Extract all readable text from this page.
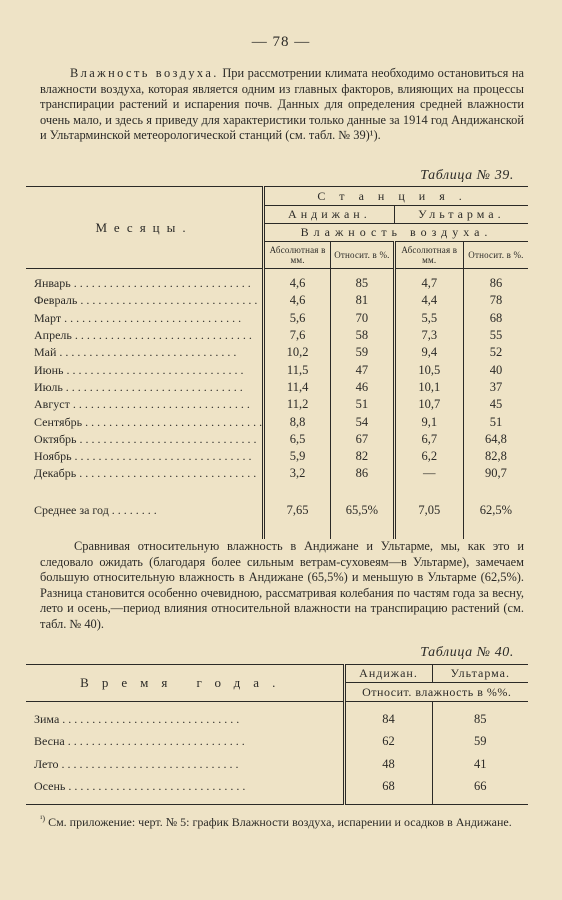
— 78 —
Влажность воздуха. При рассмотрении климата необходимо остановиться на влажности воздуха, которая является одним из главных факторов, влияющих на процессы транспирации растений и испарения почв. Данных для определения средней влажности очень мало, и здесь я приведу для характеристики только данные за 1914 год Андижанской и Ультарминской метеорологической станций (см. табл. № 39)¹).
Таблица № 39.
Месяцы.	Станция.			
	Андижан.		Ультарма.	
	Влажность воздуха.			
	Абсолютная в мм.	Относит. в %.	Абсолютная в мм.	Относит. в %.

Январь . . .	4,6	85	4,7	86
Февраль . . .	4,6	81	4,4	78
Март . . .	5,6	70	5,5	68
Апрель . . .	7,6	58	7,3	55
Май . . .	10,2	59	9,4	52
Июнь . . .	11,5	47	10,5	40
Июль . . .	11,4	46	10,1	37
Август . . .	11,2	51	10,7	45
Сентябрь . . .	8,8	54	9,1	51
Октябрь . . .	6,5	67	6,7	64,8
Ноябрь . . .	5,9	82	6,2	82,8
Декабрь . . .	3,2	86	—	90,7
Среднее за год . . . . . . . .	7,65	65,5%	7,05	62,5%
Сравнивая относительную влажность в Андижане и Ультарме, мы, как это и следовало ожидать (благодаря более сильным ветрам-суховеям—в Ультарме), замечаем большую относительную влажность в Андижане (65,5%) и меньшую в Ультарме (62,5%). Разница становится особенно очевидною, рассматривая колебания по частям года за весну, лето и осень,—период влияния относительной влажности на транспирацию растений (см. табл. № 40).
Таблица № 40.
Время года.	Андижан.	Ультарма.
	Относит. влажность в %%.	

Зима . . .	84	85
Весна . . .	62	59
Лето . . .	48	41
Осень . . .	68	66

$^{^1)}$ См. приложение: черт. № 5: график Влажности воздуха, испарении и осадков в Андижане.
